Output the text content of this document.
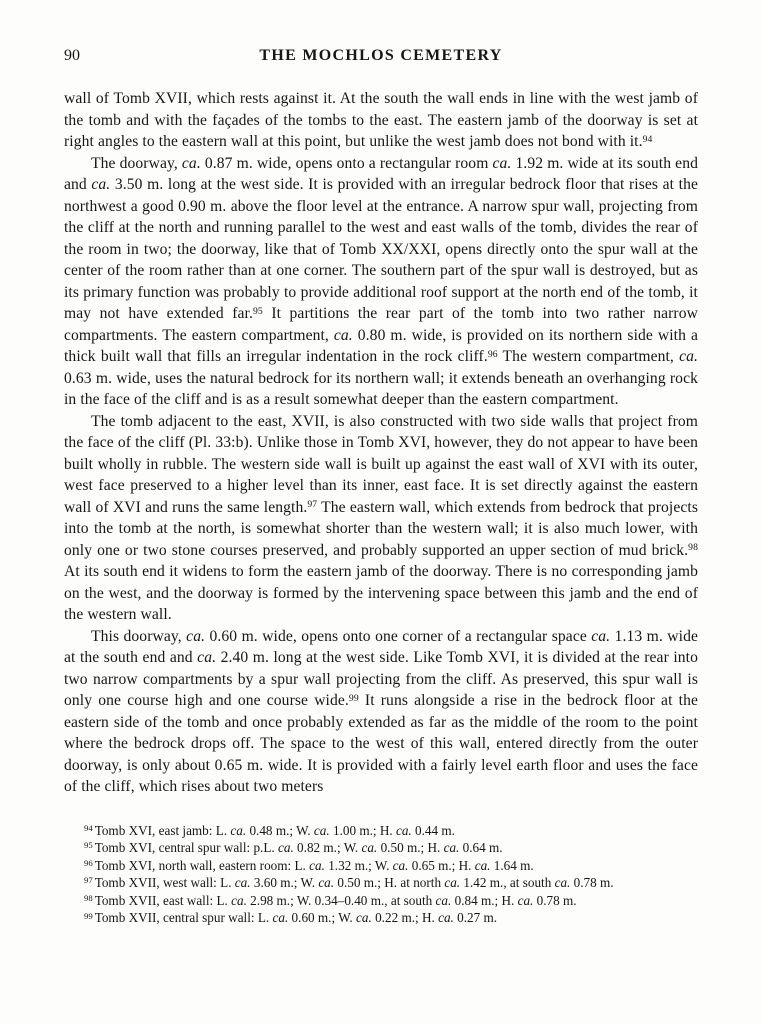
90	THE MOCHLOS CEMETERY

wall of Tomb XVII, which rests against it. At the south the wall ends in line with the west jamb of the tomb and with the façades of the tombs to the east. The eastern jamb of the doorway is set at right angles to the eastern wall at this point, but unlike the west jamb does not bond with it.$^{94}$

The doorway, ca. 0.87 m. wide, opens onto a rectangular room ca. 1.92 m. wide at its south end and ca. 3.50 m. long at the west side. It is provided with an irregular bedrock floor that rises at the northwest a good 0.90 m. above the floor level at the entrance. A narrow spur wall, projecting from the cliff at the north and running parallel to the west and east walls of the tomb, divides the rear of the room in two; the doorway, like that of Tomb XX/XXI, opens directly onto the spur wall at the center of the room rather than at one corner. The southern part of the spur wall is destroyed, but as its primary function was probably to provide additional roof support at the north end of the tomb, it may not have extended far.$^{95}$ It partitions the rear part of the tomb into two rather narrow compartments. The eastern compartment, ca. 0.80 m. wide, is provided on its northern side with a thick built wall that fills an irregular indentation in the rock cliff.$^{96}$ The western compartment, ca. 0.63 m. wide, uses the natural bedrock for its northern wall; it extends beneath an overhanging rock in the face of the cliff and is as a result somewhat deeper than the eastern compartment.

The tomb adjacent to the east, XVII, is also constructed with two side walls that project from the face of the cliff (Pl. 33:b). Unlike those in Tomb XVI, however, they do not appear to have been built wholly in rubble. The western side wall is built up against the east wall of XVI with its outer, west face preserved to a higher level than its inner, east face. It is set directly against the eastern wall of XVI and runs the same length.$^{97}$ The eastern wall, which extends from bedrock that projects into the tomb at the north, is somewhat shorter than the western wall; it is also much lower, with only one or two stone courses preserved, and probably supported an upper section of mud brick.$^{98}$ At its south end it widens to form the eastern jamb of the doorway. There is no corresponding jamb on the west, and the doorway is formed by the intervening space between this jamb and the end of the western wall.

This doorway, ca. 0.60 m. wide, opens onto one corner of a rectangular space ca. 1.13 m. wide at the south end and ca. 2.40 m. long at the west side. Like Tomb XVI, it is divided at the rear into two narrow compartments by a spur wall projecting from the cliff. As preserved, this spur wall is only one course high and one course wide.$^{99}$ It runs alongside a rise in the bedrock floor at the eastern side of the tomb and once probably extended as far as the middle of the room to the point where the bedrock drops off. The space to the west of this wall, entered directly from the outer doorway, is only about 0.65 m. wide. It is provided with a fairly level earth floor and uses the face of the cliff, which rises about two meters

$^{94}$ Tomb XVI, east jamb: L. ca. 0.48 m.; W. ca. 1.00 m.; H. ca. 0.44 m.

$^{95}$ Tomb XVI, central spur wall: p.L. ca. 0.82 m.; W. ca. 0.50 m.; H. ca. 0.64 m.

$^{96}$ Tomb XVI, north wall, eastern room: L. ca. 1.32 m.; W. ca. 0.65 m.; H. ca. 1.64 m.

$^{97}$ Tomb XVII, west wall: L. ca. 3.60 m.; W. ca. 0.50 m.; H. at north ca. 1.42 m., at south ca. 0.78 m.

$^{98}$ Tomb XVII, east wall: L. ca. 2.98 m.; W. 0.34–0.40 m., at south ca. 0.84 m.; H. ca. 0.78 m.

$^{99}$ Tomb XVII, central spur wall: L. ca. 0.60 m.; W. ca. 0.22 m.; H. ca. 0.27 m.
